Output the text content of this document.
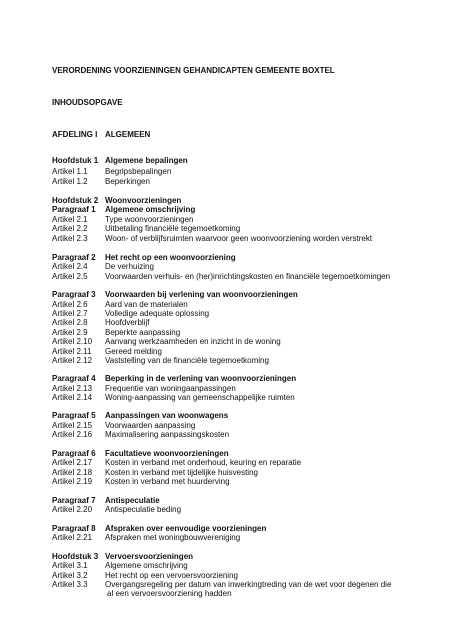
VERORDENING VOORZIENINGEN GEHANDICAPTEN GEMEENTE BOXTEL
INHOUDSOPGAVE
AFDELING I ALGEMEEN
Hoofdstuk 1 Algemene bepalingen
Artikel 1.1 Begripsbepalingen
Artikel 1.2 Beperkingen
Hoofdstuk 2 Woonvoorzieningen
Paragraaf 1 Algemene omschrijving
Artikel 2.1 Type woonvoorzieningen
Artikel 2.2 Uitbetaling financiële tegemoetkoming
Artikel 2.3 Woon- of verblijfsruimten waarvoor geen woonvoorziening worden verstrekt
Paragraaf 2 Het recht op een woonvoorziening
Artikel 2.4 De verhuizing
Artikel 2.5 Voorwaarden verhuis- en (her)inrichtingskosten en financiële tegemoetkomingen
Paragraaf 3 Voorwaarden bij verlening van woonvoorzieningen
Artikel 2.6 Aard van de materialen
Artikel 2.7 Volledige adequate oplossing
Artikel 2.8 Hoofdverblijf
Artikel 2.9 Beperkte aanpassing
Artikel 2.10 Aanvang werkzaamheden en inzicht in de woning
Artikel 2.11 Gereed melding
Artikel 2.12 Vaststelling van de financiële tegemoetkoming
Paragraaf 4 Beperking in de verlening van woonvoorzieningen
Artikel 2.13 Frequentie van woningaanpassingen
Artikel 2.14 Woning-aanpassing van gemeenschappelijke ruimten
Paragraaf 5 Aanpassingen van woonwagens
Artikel 2.15 Voorwaarden aanpassing
Artikel 2.16 Maximalisering aanpassingskosten
Paragraaf 6 Facultatieve woonvoorzieningen
Artikel 2.17 Kosten in verband met onderhoud, keuring en reparatie
Artikel 2.18 Kosten in verband met tijdelijke huisvesting
Artikel 2.19 Kosten in verband met huurderving
Paragraaf 7 Antispeculatie
Artikel 2.20 Antispeculatie beding
Paragraaf 8 Afspraken over eenvoudige voorzieningen
Artikel 2.21 Afspraken met woningbouwvereniging
Hoofdstuk 3 Vervoersvoorzieningen
Artikel 3.1 Algemene omschrijving
Artikel 3.2 Het recht op een vervoersvoorziening
Artikel 3.3 Overgangsregeling per datum van inwerkingtreding van de wet voor degenen die
al een vervoersvoorziening hadden
